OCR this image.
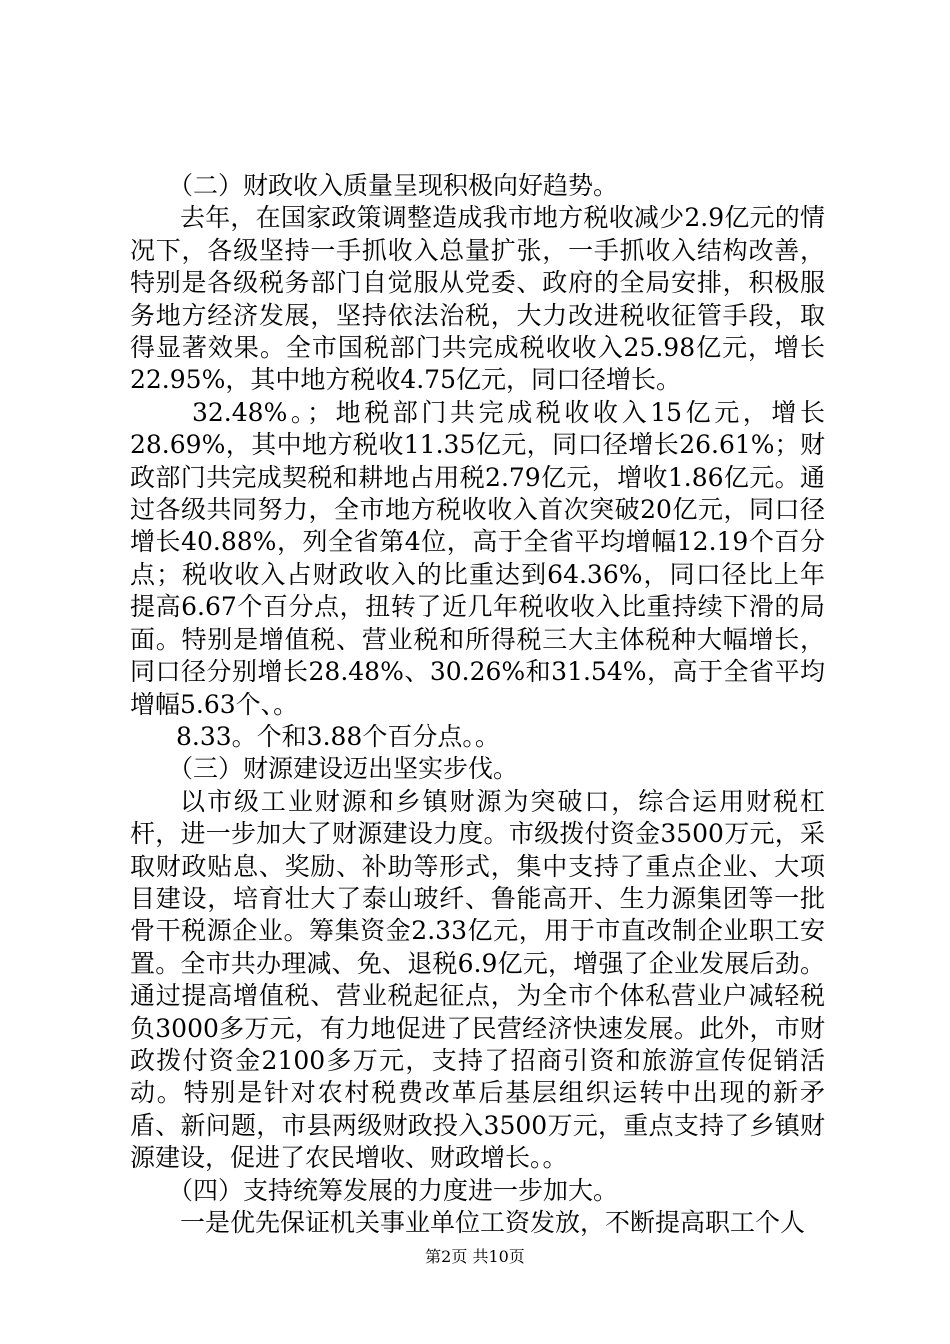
（二）财政收入质量呈现积极向好趋势。

去年，在国家政策调整造成我市地方税收减少2.9亿元的情况下，各级坚持一手抓收入总量扩张，一手抓收入结构改善，特别是各级税务部门自觉服从党委、政府的全局安排，积极服务地方经济发展，坚持依法治税，大力改进税收征管手段，取得显著效果。全市国税部门共完成税收收入25.98亿元，增长22.95%，其中地方税收4.75亿元，同口径增长。

32.48%。；地税部门共完成税收收入15亿元，增长28.69%，其中地方税收11.35亿元，同口径增长26.61%；财政部门共完成契税和耕地占用税2.79亿元，增收1.86亿元。通过各级共同努力，全市地方税收收入首次突破20亿元，同口径增长40.88%，列全省第4位，高于全省平均增幅12.19个百分点；税收收入占财政收入的比重达到64.36%，同口径比上年提高6.67个百分点，扭转了近几年税收收入比重持续下滑的局面。特别是增值税、营业税和所得税三大主体税种大幅增长，同口径分别增长28.48%、30.26%和31.54%，高于全省平均增幅5.63个、。

8.33。个和3.88个百分点。。

（三）财源建设迈出坚实步伐。

以市级工业财源和乡镇财源为突破口，综合运用财税杠杆，进一步加大了财源建设力度。市级拨付资金3500万元，采取财政贴息、奖励、补助等形式，集中支持了重点企业、大项目建设，培育壮大了泰山玻纤、鲁能高开、生力源集团等一批骨干税源企业。筹集资金2.33亿元，用于市直改制企业职工安置。全市共办理减、免、退税6.9亿元，增强了企业发展后劲。通过提高增值税、营业税起征点，为全市个体私营业户减轻税负3000多万元，有力地促进了民营经济快速发展。此外，市财政拨付资金2100多万元，支持了招商引资和旅游宣传促销活动。特别是针对农村税费改革后基层组织运转中出现的新矛盾、新问题，市县两级财政投入3500万元，重点支持了乡镇财源建设，促进了农民增收、财政增长。。

（四）支持统筹发展的力度进一步加大。

一是优先保证机关事业单位工资发放，不断提高职工个人

第2页 共10页
